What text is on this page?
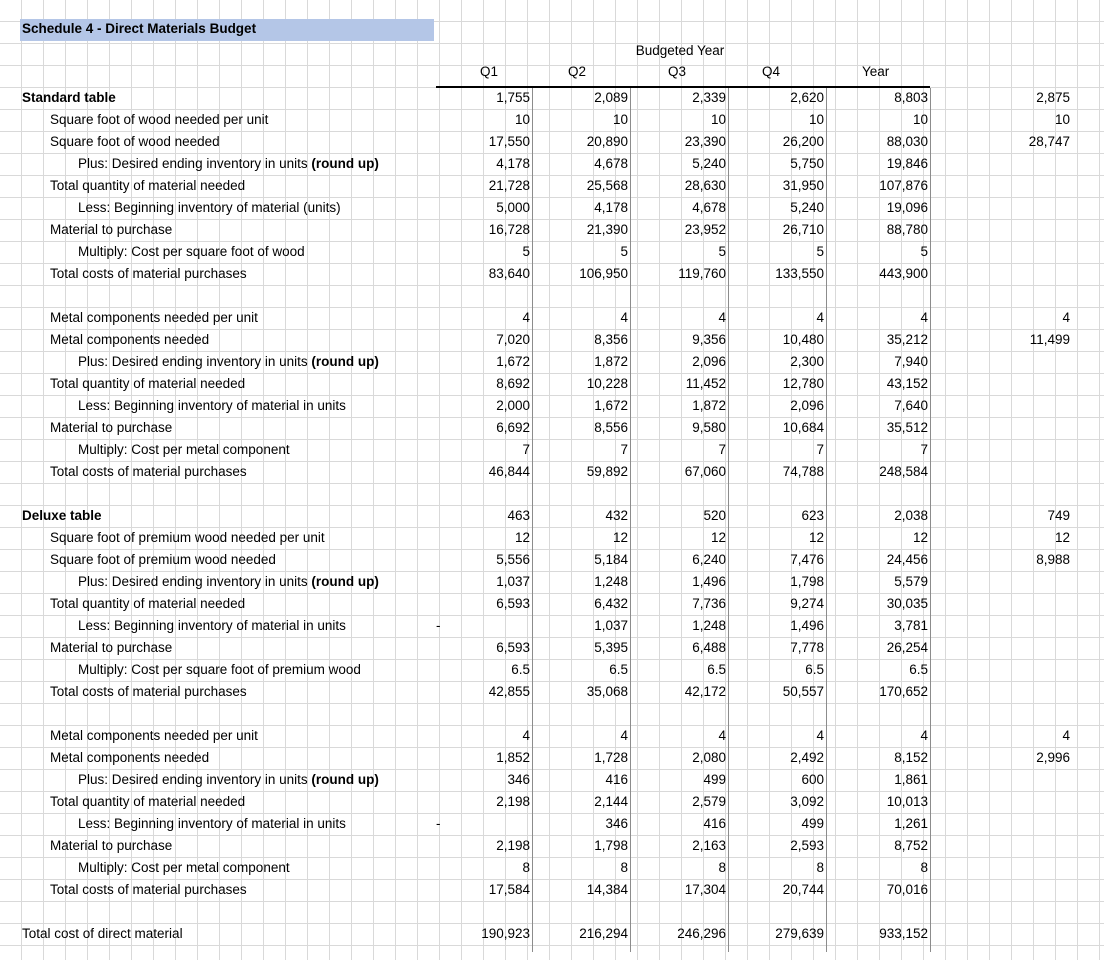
Schedule 4 - Direct Materials Budget
Budgeted Year
Q1	Q2	Q3	Q4	Year
Standard table	1,755	2,089	2,339	2,620	8,803	2,875
Square foot of wood needed per unit	10	10	10	10	10	10
Square foot of wood needed	17,550	20,890	23,390	26,200	88,030	28,747
Plus: Desired ending inventory in units (round up)	4,178	4,678	5,240	5,750	19,846
Total quantity of material needed	21,728	25,568	28,630	31,950	107,876
Less: Beginning inventory of material (units)	5,000	4,178	4,678	5,240	19,096
Material to purchase	16,728	21,390	23,952	26,710	88,780
Multiply: Cost per square foot of wood	5	5	5	5	5
Total costs of material purchases	83,640	106,950	119,760	133,550	443,900
Metal components needed per unit	4	4	4	4	4	4
Metal components needed	7,020	8,356	9,356	10,480	35,212	11,499
Plus: Desired ending inventory in units (round up)	1,672	1,872	2,096	2,300	7,940
Total quantity of material needed	8,692	10,228	11,452	12,780	43,152
Less: Beginning inventory of material in units	2,000	1,672	1,872	2,096	7,640
Material to purchase	6,692	8,556	9,580	10,684	35,512
Multiply: Cost per metal component	7	7	7	7	7
Total costs of material purchases	46,844	59,892	67,060	74,788	248,584
Deluxe table	463	432	520	623	2,038	749
Square foot of premium wood needed per unit	12	12	12	12	12	12
Square foot of premium wood needed	5,556	5,184	6,240	7,476	24,456	8,988
Plus: Desired ending inventory in units (round up)	1,037	1,248	1,496	1,798	5,579
Total quantity of material needed	6,593	6,432	7,736	9,274	30,035
Less: Beginning inventory of material in units	-	1,037	1,248	1,496	3,781
Material to purchase	6,593	5,395	6,488	7,778	26,254
Multiply: Cost per square foot of premium wood	6.5	6.5	6.5	6.5	6.5
Total costs of material purchases	42,855	35,068	42,172	50,557	170,652
Metal components needed per unit	4	4	4	4	4	4
Metal components needed	1,852	1,728	2,080	2,492	8,152	2,996
Plus: Desired ending inventory in units (round up)	346	416	499	600	1,861
Total quantity of material needed	2,198	2,144	2,579	3,092	10,013
Less: Beginning inventory of material in units	-	346	416	499	1,261
Material to purchase	2,198	1,798	2,163	2,593	8,752
Multiply: Cost per metal component	8	8	8	8	8
Total costs of material purchases	17,584	14,384	17,304	20,744	70,016
Total cost of direct material	190,923	216,294	246,296	279,639	933,152
